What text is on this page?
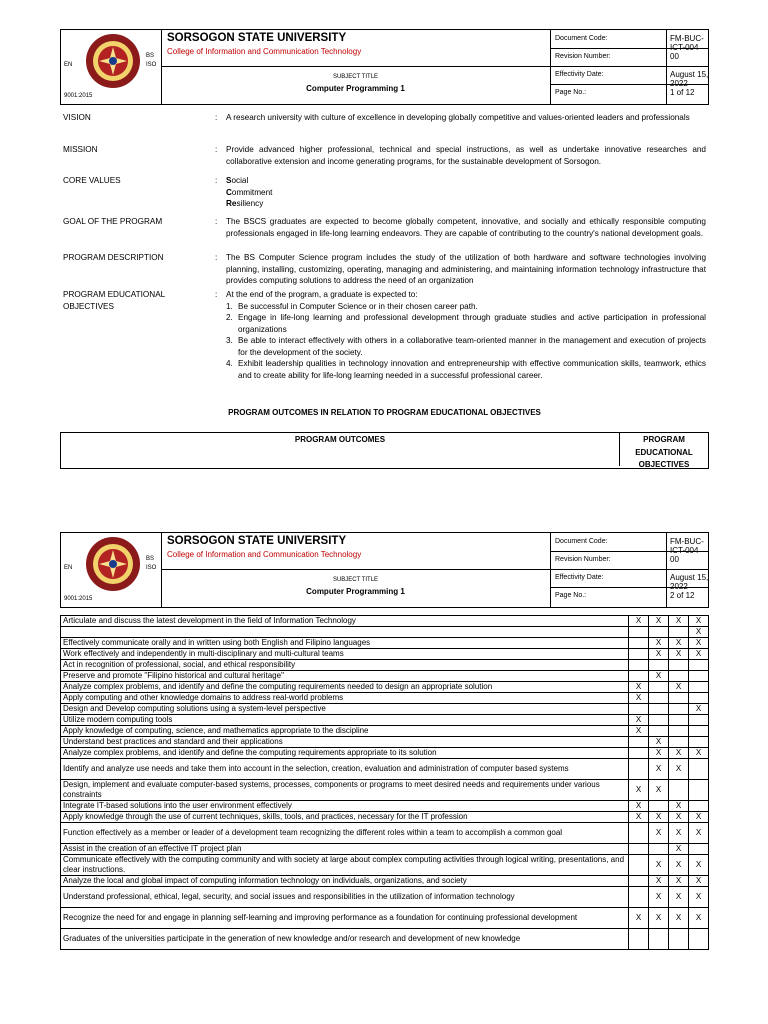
EN
BS
ISO
9001:2015
SORSOGON STATE UNIVERSITY
College of Information and Communication Technology
SUBJECT TITLE
Computer Programming 1
Document Code:	FM-BUC-ICT-004
Revision Number:	00
Effectivity Date:	August 15, 2022
Page No.:	1 of 12
VISION	: A research university with culture of excellence in developing globally competitive and values-oriented leaders and professionals
MISSION	: Provide advanced higher professional, technical and special instructions, as well as undertake innovative researches and collaborative extension and income generating programs, for the sustainable development of Sorsogon.
CORE VALUES	: Social
Commitment
Resiliency
GOAL OF THE PROGRAM	: The BSCS graduates are expected to become globally competent, innovative, and socially and ethically responsible computing professionals engaged in life-long learning endeavors. They are capable of contributing to the country's national development goals.
PROGRAM DESCRIPTION	: The BS Computer Science program includes the study of the utilization of both hardware and software technologies involving planning, installing, customizing, operating, managing and administering, and maintaining information technology infrastructure that provides computing solutions to address the need of an organization
PROGRAM EDUCATIONAL
OBJECTIVES
: At the end of the program, a graduate is expected to:
1. Be successful in Computer Science or in their chosen career path.
2. Engage in life-long learning and professional development through graduate studies and active participation in professional organizations
3. Be able to interact effectively with others in a collaborative team-oriented manner in the management and execution of projects for the development of the society.
4. Exhibit leadership qualities in technology innovation and entrepreneurship with effective communication skills, teamwork, ethics and to create ability for life-long learning needed in a successful professional career.
PROGRAM OUTCOMES IN RELATION TO PROGRAM EDUCATIONAL OBJECTIVES
PROGRAM OUTCOMES	PROGRAM
EDUCATIONAL
OBJECTIVES
EN
BS
ISO
9001:2015
SORSOGON STATE UNIVERSITY
College of Information and Communication Technology
SUBJECT TITLE
Computer Programming 1
Document Code:	FM-BUC-ICT-004
Revision Number:	00
Effectivity Date:	August 15, 2022
Page No.:	2 of 12
Articulate and discuss the latest development in the field of Information Technology	X	X	X	X
				X
Effectively communicate orally and in written using both English and Filipino languages		X	X	X
Work effectively and independently in multi-disciplinary and multi-cultural teams		X	X	X
Act in recognition of professional, social, and ethical responsibility				
Preserve and promote "Filipino historical and cultural heritage"		X		
Analyze complex problems, and identify and define the computing requirements needed to design an appropriate solution	X		X	
Apply computing and other knowledge domains to address real-world problems	X			
Design and Develop computing solutions using a system-level perspective				X
Utilize modern computing tools	X			
Apply knowledge of computing, science, and mathematics appropriate to the discipline	X			
Understand best practices and standard and their applications		X		
Analyze complex problems, and identify and define the computing requirements appropriate to its solution		X	X	X
Identify and analyze use needs and take them into account in the selection, creation, evaluation and administration of computer based systems		X	X	
Design, implement and evaluate computer-based systems, processes, components or programs to meet desired needs and requirements under various constraints	X	X		
Integrate IT-based solutions into the user environment effectively	X		X	
Apply knowledge through the use of current techniques, skills, tools, and practices, necessary for the IT profession	X	X	X	X
Function effectively as a member or leader of a development team recognizing the different roles within a team to accomplish a common goal		X	X	X
Assist in the creation of an effective IT project plan			X	
Communicate effectively with the computing community and with society at large about complex computing activities through logical writing, presentations, and clear instructions.		X	X	X
Analyze the local and global impact of computing information technology on individuals, organizations, and society		X	X	X
Understand professional, ethical, legal, security, and social issues and responsibilities in the utilization of information technology		X	X	X
Recognize the need for and engage in planning self-learning and improving performance as a foundation for continuing professional development	X	X	X	X
Graduates of the universities participate in the generation of new knowledge and/or research and development of new knowledge				
